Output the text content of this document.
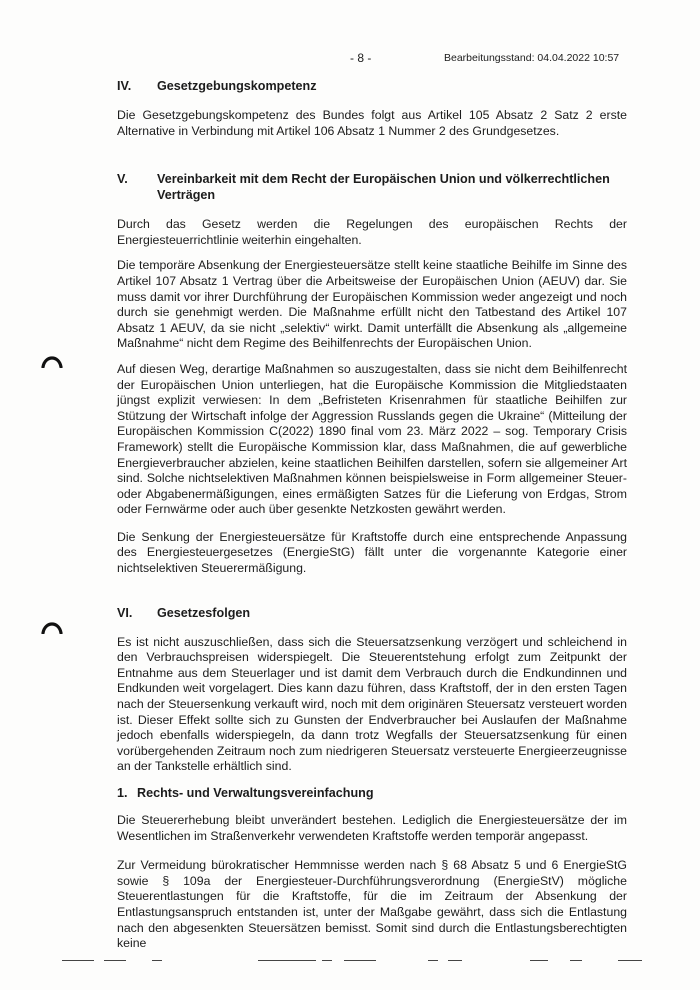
- 8 -	Bearbeitungsstand: 04.04.2022 10:57
IV.	Gesetzgebungskompetenz

Die Gesetzgebungskompetenz des Bundes folgt aus Artikel 105 Absatz 2 Satz 2 erste Alternative in Verbindung mit Artikel 106 Absatz 1 Nummer 2 des Grundgesetzes.

V.	Vereinbarkeit mit dem Recht der Europäischen Union und völkerrechtlichen Verträgen

Durch das Gesetz werden die Regelungen des europäischen Rechts der Energiesteuerrichtlinie weiterhin eingehalten.

Die temporäre Absenkung der Energiesteuersätze stellt keine staatliche Beihilfe im Sinne des Artikel 107 Absatz 1 Vertrag über die Arbeitsweise der Europäischen Union (AEUV) dar. Sie muss damit vor ihrer Durchführung der Europäischen Kommission weder angezeigt und noch durch sie genehmigt werden. Die Maßnahme erfüllt nicht den Tatbestand des Artikel 107 Absatz 1 AEUV, da sie nicht „selektiv“ wirkt. Damit unterfällt die Absenkung als „allgemeine Maßnahme“ nicht dem Regime des Beihilfenrechts der Europäischen Union.

Auf diesen Weg, derartige Maßnahmen so auszugestalten, dass sie nicht dem Beihilfenrecht der Europäischen Union unterliegen, hat die Europäische Kommission die Mitgliedstaaten jüngst explizit verwiesen: In dem „Befristeten Krisenrahmen für staatliche Beihilfen zur Stützung der Wirtschaft infolge der Aggression Russlands gegen die Ukraine“ (Mitteilung der Europäischen Kommission C(2022) 1890 final vom 23. März 2022 – sog. Temporary Crisis Framework) stellt die Europäische Kommission klar, dass Maßnahmen, die auf gewerbliche Energieverbraucher abzielen, keine staatlichen Beihilfen darstellen, sofern sie allgemeiner Art sind. Solche nichtselektiven Maßnahmen können beispielsweise in Form allgemeiner Steuer- oder Abgabenermäßigungen, eines ermäßigten Satzes für die Lieferung von Erdgas, Strom oder Fernwärme oder auch über gesenkte Netzkosten gewährt werden.

Die Senkung der Energiesteuersätze für Kraftstoffe durch eine entsprechende Anpassung des Energiesteuergesetzes (EnergieStG) fällt unter die vorgenannte Kategorie einer nichtselektiven Steuerermäßigung.

VI.	Gesetzesfolgen

Es ist nicht auszuschließen, dass sich die Steuersatzsenkung verzögert und schleichend in den Verbrauchspreisen widerspiegelt. Die Steuerentstehung erfolgt zum Zeitpunkt der Entnahme aus dem Steuerlager und ist damit dem Verbrauch durch die Endkundinnen und Endkunden weit vorgelagert. Dies kann dazu führen, dass Kraftstoff, der in den ersten Tagen nach der Steuersenkung verkauft wird, noch mit dem originären Steuersatz versteuert worden ist. Dieser Effekt sollte sich zu Gunsten der Endverbraucher bei Auslaufen der Maßnahme jedoch ebenfalls widerspiegeln, da dann trotz Wegfalls der Steuersatzsenkung für einen vorübergehenden Zeitraum noch zum niedrigeren Steuersatz versteuerte Energieerzeugnisse an der Tankstelle erhältlich sind.

1. Rechts- und Verwaltungsvereinfachung

Die Steuererhebung bleibt unverändert bestehen. Lediglich die Energiesteuersätze der im Wesentlichen im Straßenverkehr verwendeten Kraftstoffe werden temporär angepasst.

Zur Vermeidung bürokratischer Hemmnisse werden nach § 68 Absatz 5 und 6 EnergieStG sowie § 109a der Energiesteuer-Durchführungsverordnung (EnergieStV) mögliche Steuerentlastungen für die Kraftstoffe, für die im Zeitraum der Absenkung der Entlastungsanspruch entstanden ist, unter der Maßgabe gewährt, dass sich die Entlastung nach den abgesenkten Steuersätzen bemisst. Somit sind durch die Entlastungsberechtigten keine
